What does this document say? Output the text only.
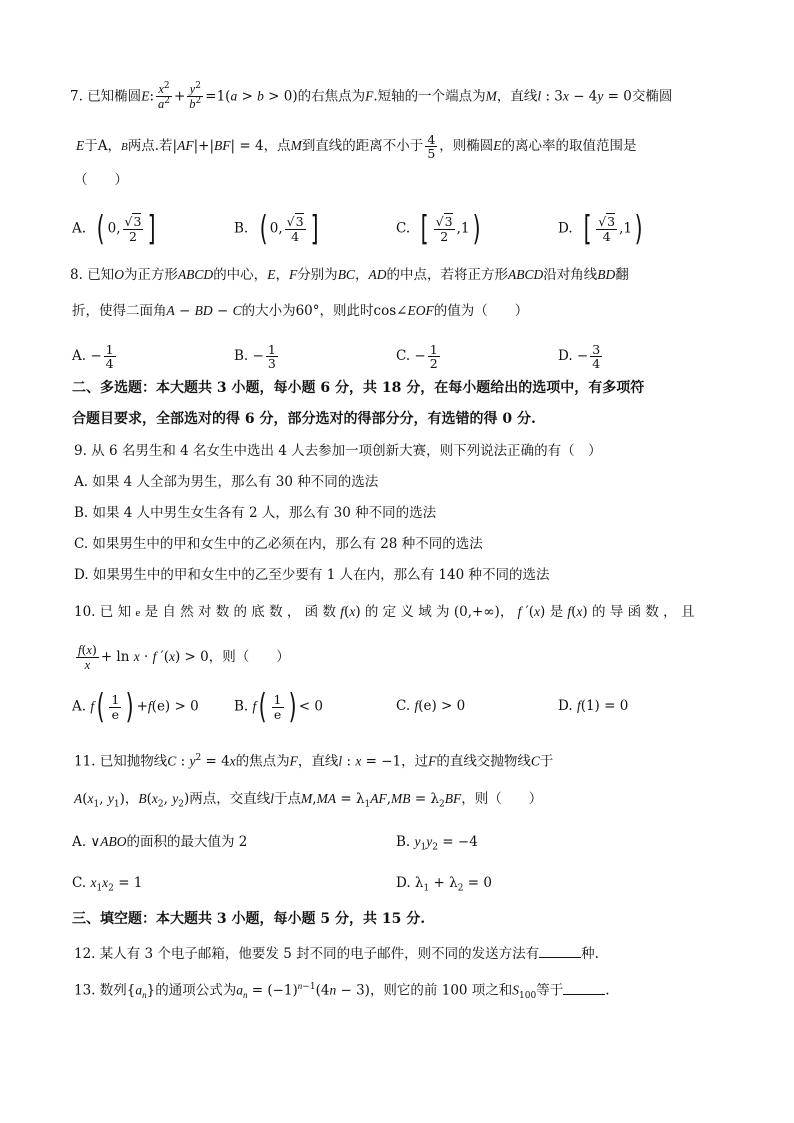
7. 已知椭圆E: $\frac{x^2}{a^2} + \frac{y^2}{b^2} =1(a > b > 0)$的右焦点为F.短轴的一个端点为M，直线l : 3x − 4y = 0交椭圆
E于A，B两点.若|AF|+|BF| = 4，点M到直线的距离不小于 $\frac{4}{5}$ ，则椭圆E的离心率的取值范围是
（　　）
A. ( 0, $\frac{√3}{2}$ ]	B. ( 0, $\frac{√3}{4}$ ]	C. [ $\frac{√3}{2} ,1$)	D. [ $\frac{√3}{4} ,1$)
8. 已知O为正方形ABCD的中心，E，F分别为BC，AD的中点，若将正方形ABCD沿对角线BD翻
折，使得二面角A − BD − C的大小为60°，则此时cos∠EOF的值为（　　）
A. − $\frac{1}{4}$	B. − $\frac{1}{3}$	C. − $\frac{1}{2}$	D. − $\frac{3}{4}$
二、多选题：本大题共 3 小题，每小题 6 分，共 18 分，在每小题给出的选项中，有多项符
合题目要求，全部选对的得 6 分，部分选对的得部分分，有选错的得 0 分.
9. 从 6 名男生和 4 名女生中选出 4 人去参加一项创新大赛，则下列说法正确的有（　）
A. 如果 4 人全部为男生，那么有 30 种不同的选法
B. 如果 4 人中男生女生各有 2 人，那么有 30 种不同的选法
C. 如果男生中的甲和女生中的乙必须在内，那么有 28 种不同的选法
D. 如果男生中的甲和女生中的乙至少要有 1 人在内，那么有 140 种不同的选法
10. 已 知 e 是 自 然 对 数 的 底 数 ， 函 数 f(x) 的 定 义 域 为 (0,+∞)， f ′(x) 是 f(x) 的 导 函 数 ， 且
$\frac{f(x)}{x} + \ln x \cdot f$ ′(x) > 0，则（　　）
A. $f( \frac{1}{e}$ ) +f(e) > 0	B. $f( \frac{1}{e}$ ) < 0	C. f(e) > 0	D. f(1) = 0
11. 已知抛物线C : $y^2 = 4x$的焦点为F，直线l : x = −1，过F的直线交抛物线C于
$A(x_1$, $y_1$)，$B(x_2$, $y_2$)两点，交直线l于点$M,MA = \lambda_1AF,MB = \lambda_2BF$，则（　　）
A. ∨ABO的面积的最大值为 2	B. $y_1y_2 = -4$
C. $x_1x_2 = 1$	D. $\lambda_1 + \lambda_2 = 0$
三、填空题：本大题共 3 小题，每小题 5 分，共 15 分.
12. 某人有 3 个电子邮箱，他要发 5 封不同的电子邮件，则不同的发送方法有	种.
13. 数列$\{a_n\}$的通项公式为$a_n = (-1)^{n-1}(4n - 3)$，则它的前 100 项之和$S_{100}$等于	.
